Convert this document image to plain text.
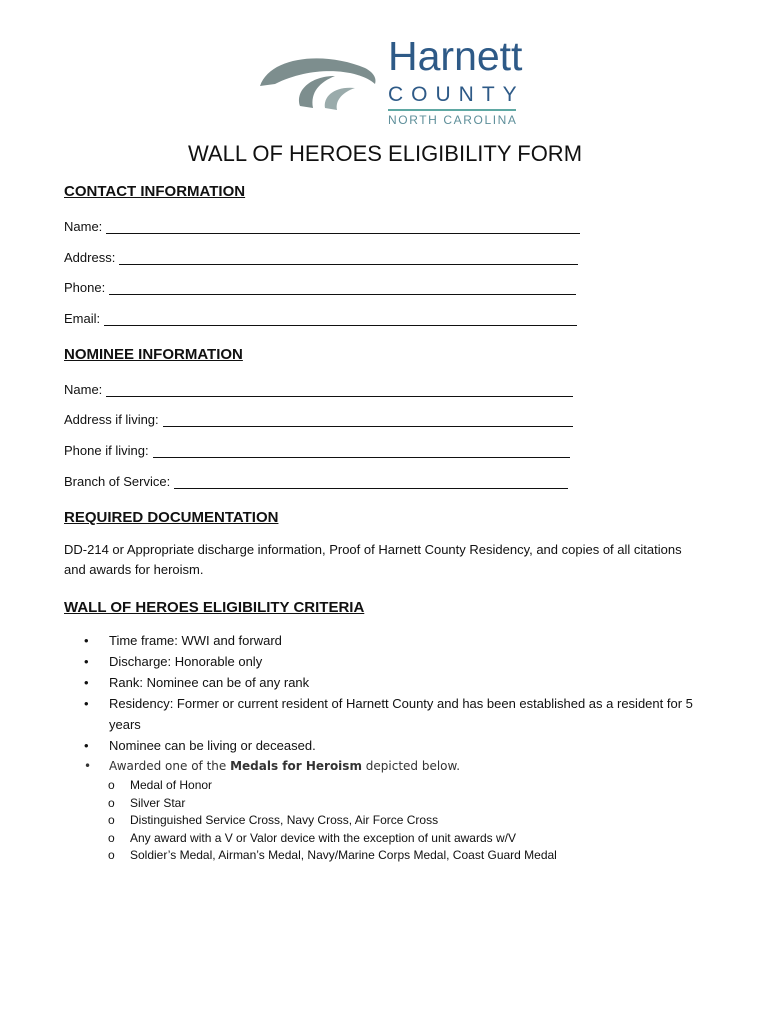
Harnett
COUNTY
NORTH CAROLINA
WALL OF HEROES ELIGIBILITY FORM
CONTACT INFORMATION
Name:
Address:
Phone:
Email:
NOMINEE INFORMATION
Name:
Address if living:
Phone if living:
Branch of Service:
REQUIRED DOCUMENTATION
DD-214 or Appropriate discharge information, Proof of Harnett County Residency, and copies of all citations and awards for heroism.
WALL OF HEROES ELIGIBILITY CRITERIA
• Time frame: WWI and forward
• Discharge: Honorable only
• Rank: Nominee can be of any rank
• Residency: Former or current resident of Harnett County and has been established as a resident for 5 years
• Nominee can be living or deceased.
• Awarded one of the Medals for Heroism depicted below.
o Medal of Honor
o Silver Star
o Distinguished Service Cross, Navy Cross, Air Force Cross
o Any award with a V or Valor device with the exception of unit awards w/V
o Soldier’s Medal, Airman’s Medal, Navy/Marine Corps Medal, Coast Guard Medal
